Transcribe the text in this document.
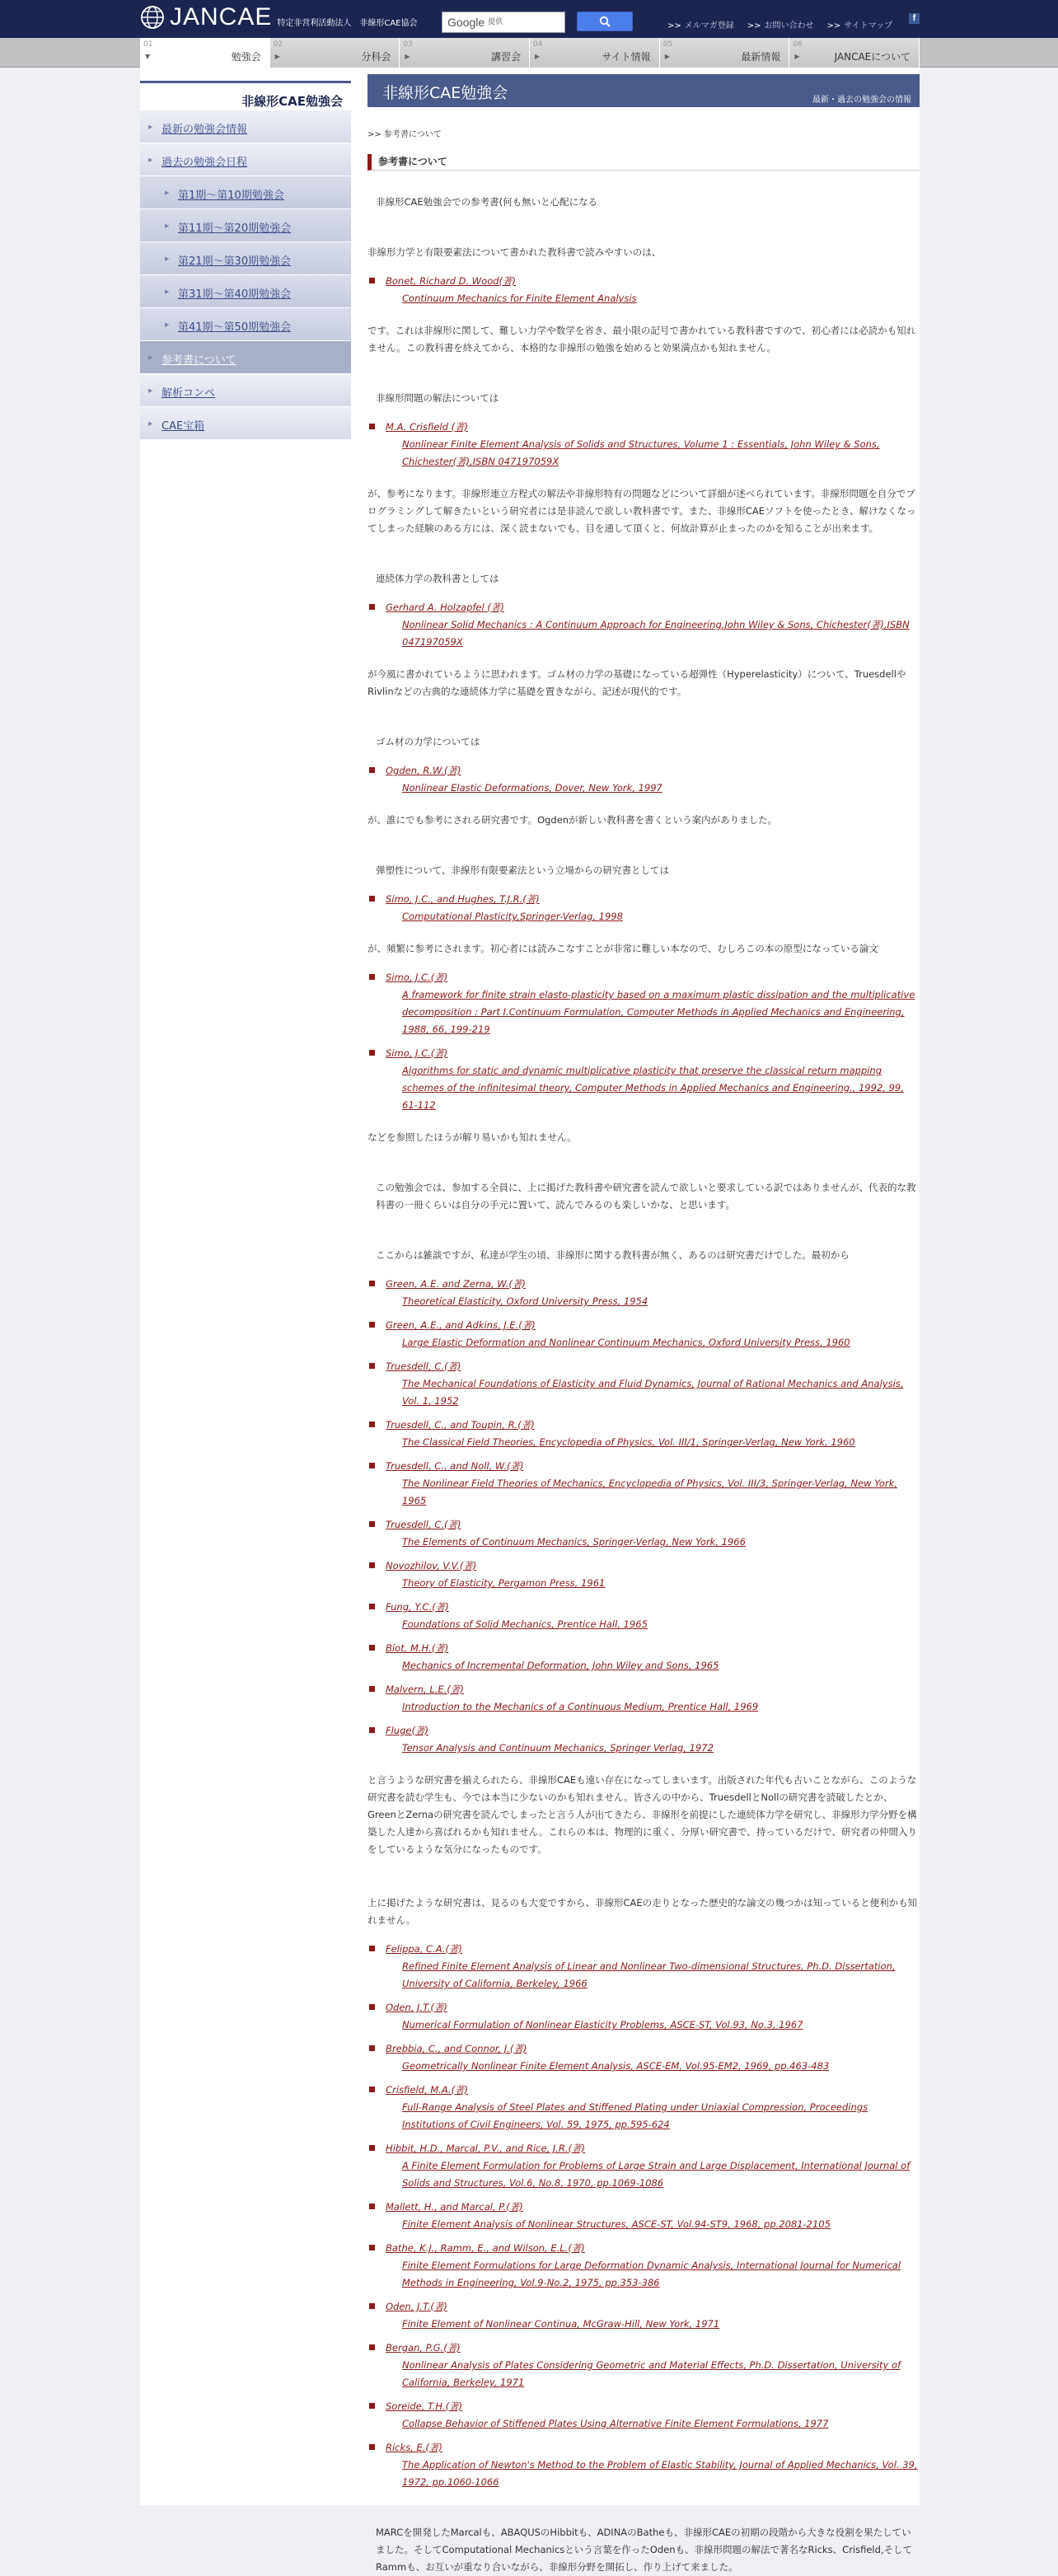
JANCAE 特定非営利活動法人　非線形CAE協会	Google 提供	>> メルマガ登録 >> お問い合わせ >> サイトマップ
f
01
▼	勉強会
02
▶	分科会
03
▶	講習会
04
▶	サイト情報
05
▶	最新情報
06
▶	JANCAEについて
非線形CAE勉強会
▶ 最新の勉強会情報
▶ 過去の勉強会日程
▶ 第1期〜第10期勉強会
▶ 第11期〜第20期勉強会
▶ 第21期〜第30期勉強会
▶ 第31期〜第40期勉強会
▶ 第41期〜第50期勉強会
▶ 参考書について
▶ 解析コンペ
▶ CAE宝箱
非線形CAE勉強会	最新・過去の勉強会の情報
>> 参考書について
参考書について
非線形CAE勉強会での参考書(何も無いと心配になる
非線形力学と有限要素法について書かれた教科書で読みやすいのは、
Bonet, Richard D. Wood(著)
Continuum Mechanics for Finite Element Analysis
です。これは非線形に関して、難しい力学や数学を省き、最小限の記号で書かれている教科書ですので、初心者には必読かも知れません。この教科書を終えてから、本格的な非線形の勉強を始めると効果満点かも知れません。
非線形問題の解法については
M.A. Crisfield (著)
Nonlinear Finite Element Analysis of Solids and Structures, Volume 1 : Essentials, John Wiley & Sons, Chichester(著),ISBN 047197059X
が、参考になります。非線形連立方程式の解法や非線形特有の問題などについて詳細が述べられています。非線形問題を自分でプログラミングして解きたいという研究者には是非読んで欲しい教科書です。また、非線形CAEソフトを使ったとき、解けなくなってしまった経験のある方には、深く読まないでも、目を通して頂くと、何故計算が止まったのかを知ることが出来ます。
連続体力学の教科書としては
Gerhard A. Holzapfel (著)
Nonlinear Solid Mechanics : A Continuum Approach for Engineering,John Wiley & Sons, Chichester(著),ISBN 047197059X
が今風に書かれているように思われます。ゴム材の力学の基礎になっている超弾性（Hyperelasticity）について、TruesdellやRivlinなどの古典的な連続体力学に基礎を置きながら、記述が現代的です。
ゴム材の力学については
Ogden, R.W.(著)
Nonlinear Elastic Deformations, Dover, New York, 1997
が、誰にでも参考にされる研究書です。Ogdenが新しい教科書を書くという案内がありました。
弾塑性について、非線形有限要素法という立場からの研究書としては
Simo, J.C., and Hughes, T.J.R.(著)
Computational Plasticity,Springer-Verlag, 1998
が、頻繁に参考にされます。初心者には読みこなすことが非常に難しい本なので、むしろこの本の原型になっている論文
Simo, J.C.(著)
A framework for finite strain elasto-plasticity based on a maximum plastic dissipation and the multiplicative decomposition : Part I.Continuum Formulation, Computer Methods in Applied Mechanics and Engineering, 1988, 66, 199-219
Simo, J.C.(著)
Algorithms for static and dynamic multiplicative plasticity that preserve the classical return mapping schemes of the infinitesimal theory, Computer Methods in Applied Mechanics and Engineering., 1992, 99, 61-112
などを参照したほうが解り易いかも知れません。
この勉強会では、参加する全員に、上に掲げた教科書や研究書を読んで欲しいと要求している訳ではありませんが、代表的な教科書の一冊くらいは自分の手元に置いて、読んでみるのも楽しいかな、と思います。
ここからは雑談ですが、私達が学生の頃、非線形に関する教科書が無く、あるのは研究書だけでした。最初から
Green, A.E. and Zerna, W.(著)
Theoretical Elasticity, Oxford University Press, 1954
Green, A.E., and Adkins, J.E.(著)
Large Elastic Deformation and Nonlinear Continuum Mechanics, Oxford University Press, 1960
Truesdell, C.(著)
The Mechanical Foundations of Elasticity and Fluid Dynamics, Journal of Rational Mechanics and Analysis, Vol. 1, 1952
Truesdell, C., and Toupin, R.(著)
The Classical Field Theories, Encyclopedia of Physics, Vol. III/1, Springer-Verlag, New York, 1960
Truesdell, C., and Noll, W.(著)
The Nonlinear Field Theories of Mechanics, Encyclopedia of Physics, Vol. III/3, Springer-Verlag, New York, 1965
Truesdell, C.(著)
The Elements of Continuum Mechanics, Springer-Verlag, New York, 1966
Novozhilov, V.V.(著)
Theory of Elasticity, Pergamon Press, 1961
Fung, Y.C.(著)
Foundations of Solid Mechanics, Prentice Hall, 1965
Biot, M.H.(著)
Mechanics of Incremental Deformation, John Wiley and Sons, 1965
Malvern, L.E.(著)
Introduction to the Mechanics of a Continuous Medium, Prentice Hall, 1969
Fluge(著)
Tensor Analysis and Continuum Mechanics, Springer Verlag, 1972
と言うような研究書を揃えられたら、非線形CAEも遠い存在になってしまいます。出版された年代も古いことながら、このような研究書を読む学生も、今では本当に少ないのかも知れません。皆さんの中から、TruesdellとNollの研究書を読破したとか、GreenとZernaの研究書を読んでしまったと言う人が出てきたら、非線形を前提にした連続体力学を研究し、非線形力学分野を構築した人達から喜ばれるかも知れません。これらの本は、物理的に重く、分厚い研究書で、持っているだけで、研究者の仲間入りをしているような気分になったものです。
上に掲げたような研究書は、見るのも大変ですから、非線形CAEの走りとなった歴史的な論文の幾つかは知っていると便利かも知れません。
Felippa, C.A.(著)
Refined Finite Element Analysis of Linear and Nonlinear Two-dimensional Structures, Ph.D. Dissertation, University of California, Berkeley, 1966
Oden, J.T.(著)
Numerical Formulation of Nonlinear Elasticity Problems, ASCE-ST, Vol.93, No.3, 1967
Brebbia, C., and Connor, J.(著)
Geometrically Nonlinear Finite Element Analysis, ASCE-EM, Vol.95-EM2, 1969, pp.463-483
Crisfield, M.A.(著)
Full-Range Analysis of Steel Plates and Stiffened Plating under Uniaxial Compression, Proceedings Institutions of Civil Engineers, Vol. 59, 1975, pp.595-624
Hibbit, H.D., Marcal, P.V., and Rice, J.R.(著)
A Finite Element Formulation for Problems of Large Strain and Large Displacement, International Journal of Solids and Structures, Vol.6, No.8, 1970, pp.1069-1086
Mallett, H., and Marcal, P.(著)
Finite Element Analysis of Nonlinear Structures, ASCE-ST, Vol.94-ST9, 1968, pp.2081-2105
Bathe, K.J., Ramm, E., and Wilson, E.L.(著)
Finite Element Formulations for Large Deformation Dynamic Analysis, International Journal for Numerical Methods in Engineering, Vol.9-No.2, 1975, pp.353-386
Oden, J.T.(著)
Finite Element of Nonlinear Continua, McGraw-Hill, New York, 1971
Bergan, P.G.(著)
Nonlinear Analysis of Plates Considering Geometric and Material Effects, Ph.D. Dissertation, University of California, Berkeley, 1971
Soreide, T.H.(著)
Collapse Behavior of Stiffened Plates Using Alternative Finite Element Formulations, 1977
Ricks, E.(著)
The Application of Newton's Method to the Problem of Elastic Stability, Journal of Applied Mechanics, Vol. 39, 1972, pp.1060-1066
MARCを開発したMarcalも、ABAQUSのHibbitも、ADINAのBatheも、非線形CAEの初期の段階から大きな役割を果たしていました。そしてComputational Mechanicsという言葉を作ったOdenも、非線形問題の解法で著名なRicks、Crisfield,そしてRammも、お互いが重なり合いながら、非線形分野を開拓し、作り上げて来ました。
